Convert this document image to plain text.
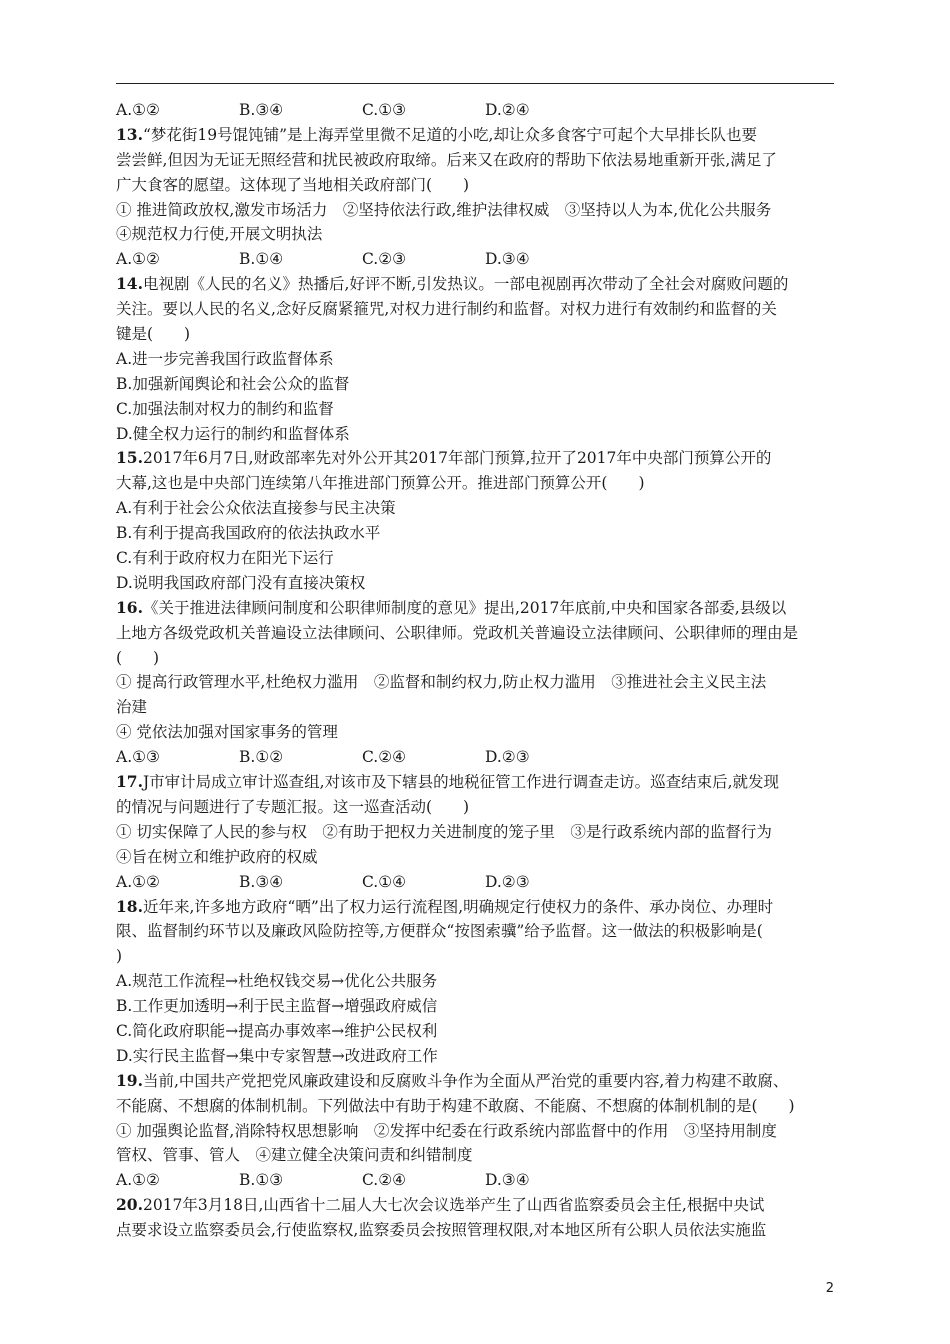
A.①②	B.③④	C.①③	D.②④
13.“梦花街19号馄饨铺”是上海弄堂里微不足道的小吃,却让众多食客宁可起个大早排长队也要
尝尝鲜,但因为无证无照经营和扰民被政府取缔。后来又在政府的帮助下依法易地重新开张,满足了
广大食客的愿望。这体现了当地相关政府部门(　　)
① 推进简政放权,激发市场活力　②坚持依法行政,维护法律权威　③坚持以人为本,优化公共服务
④规范权力行使,开展文明执法
A.①②	B.①④	C.②③	D.③④
14.电视剧《人民的名义》热播后,好评不断,引发热议。一部电视剧再次带动了全社会对腐败问题的
关注。要以人民的名义,念好反腐紧箍咒,对权力进行制约和监督。对权力进行有效制约和监督的关
键是(　　)
A.进一步完善我国行政监督体系
B.加强新闻舆论和社会公众的监督
C.加强法制对权力的制约和监督
D.健全权力运行的制约和监督体系
15.2017年6月7日,财政部率先对外公开其2017年部门预算,拉开了2017年中央部门预算公开的
大幕,这也是中央部门连续第八年推进部门预算公开。推进部门预算公开(　　)
A.有利于社会公众依法直接参与民主决策
B.有利于提高我国政府的依法执政水平
C.有利于政府权力在阳光下运行
D.说明我国政府部门没有直接决策权
16.《关于推进法律顾问制度和公职律师制度的意见》提出,2017年底前,中央和国家各部委,县级以
上地方各级党政机关普遍设立法律顾问、公职律师。党政机关普遍设立法律顾问、公职律师的理由是
(　　)
① 提高行政管理水平,杜绝权力滥用　②监督和制约权力,防止权力滥用　③推进社会主义民主法
治建
④ 党依法加强对国家事务的管理
A.①③	B.①②	C.②④	D.②③
17.J市审计局成立审计巡查组,对该市及下辖县的地税征管工作进行调查走访。巡查结束后,就发现
的情况与问题进行了专题汇报。这一巡查活动(　　)
① 切实保障了人民的参与权　②有助于把权力关进制度的笼子里　③是行政系统内部的监督行为
④旨在树立和维护政府的权威
A.①②	B.③④	C.①④	D.②③
18.近年来,许多地方政府“晒”出了权力运行流程图,明确规定行使权力的条件、承办岗位、办理时
限、监督制约环节以及廉政风险防控等,方便群众“按图索骥”给予监督。这一做法的积极影响是(
)
A.规范工作流程→杜绝权钱交易→优化公共服务
B.工作更加透明→利于民主监督→增强政府威信
C.简化政府职能→提高办事效率→维护公民权利
D.实行民主监督→集中专家智慧→改进政府工作
19.当前,中国共产党把党风廉政建设和反腐败斗争作为全面从严治党的重要内容,着力构建不敢腐、
不能腐、不想腐的体制机制。下列做法中有助于构建不敢腐、不能腐、不想腐的体制机制的是(　　)
① 加强舆论监督,消除特权思想影响　②发挥中纪委在行政系统内部监督中的作用　③坚持用制度
管权、管事、管人　④建立健全决策问责和纠错制度
A.①②	B.①③	C.②④	D.③④
20.2017年3月18日,山西省十二届人大七次会议选举产生了山西省监察委员会主任,根据中央试
点要求设立监察委员会,行使监察权,监察委员会按照管理权限,对本地区所有公职人员依法实施监
2
